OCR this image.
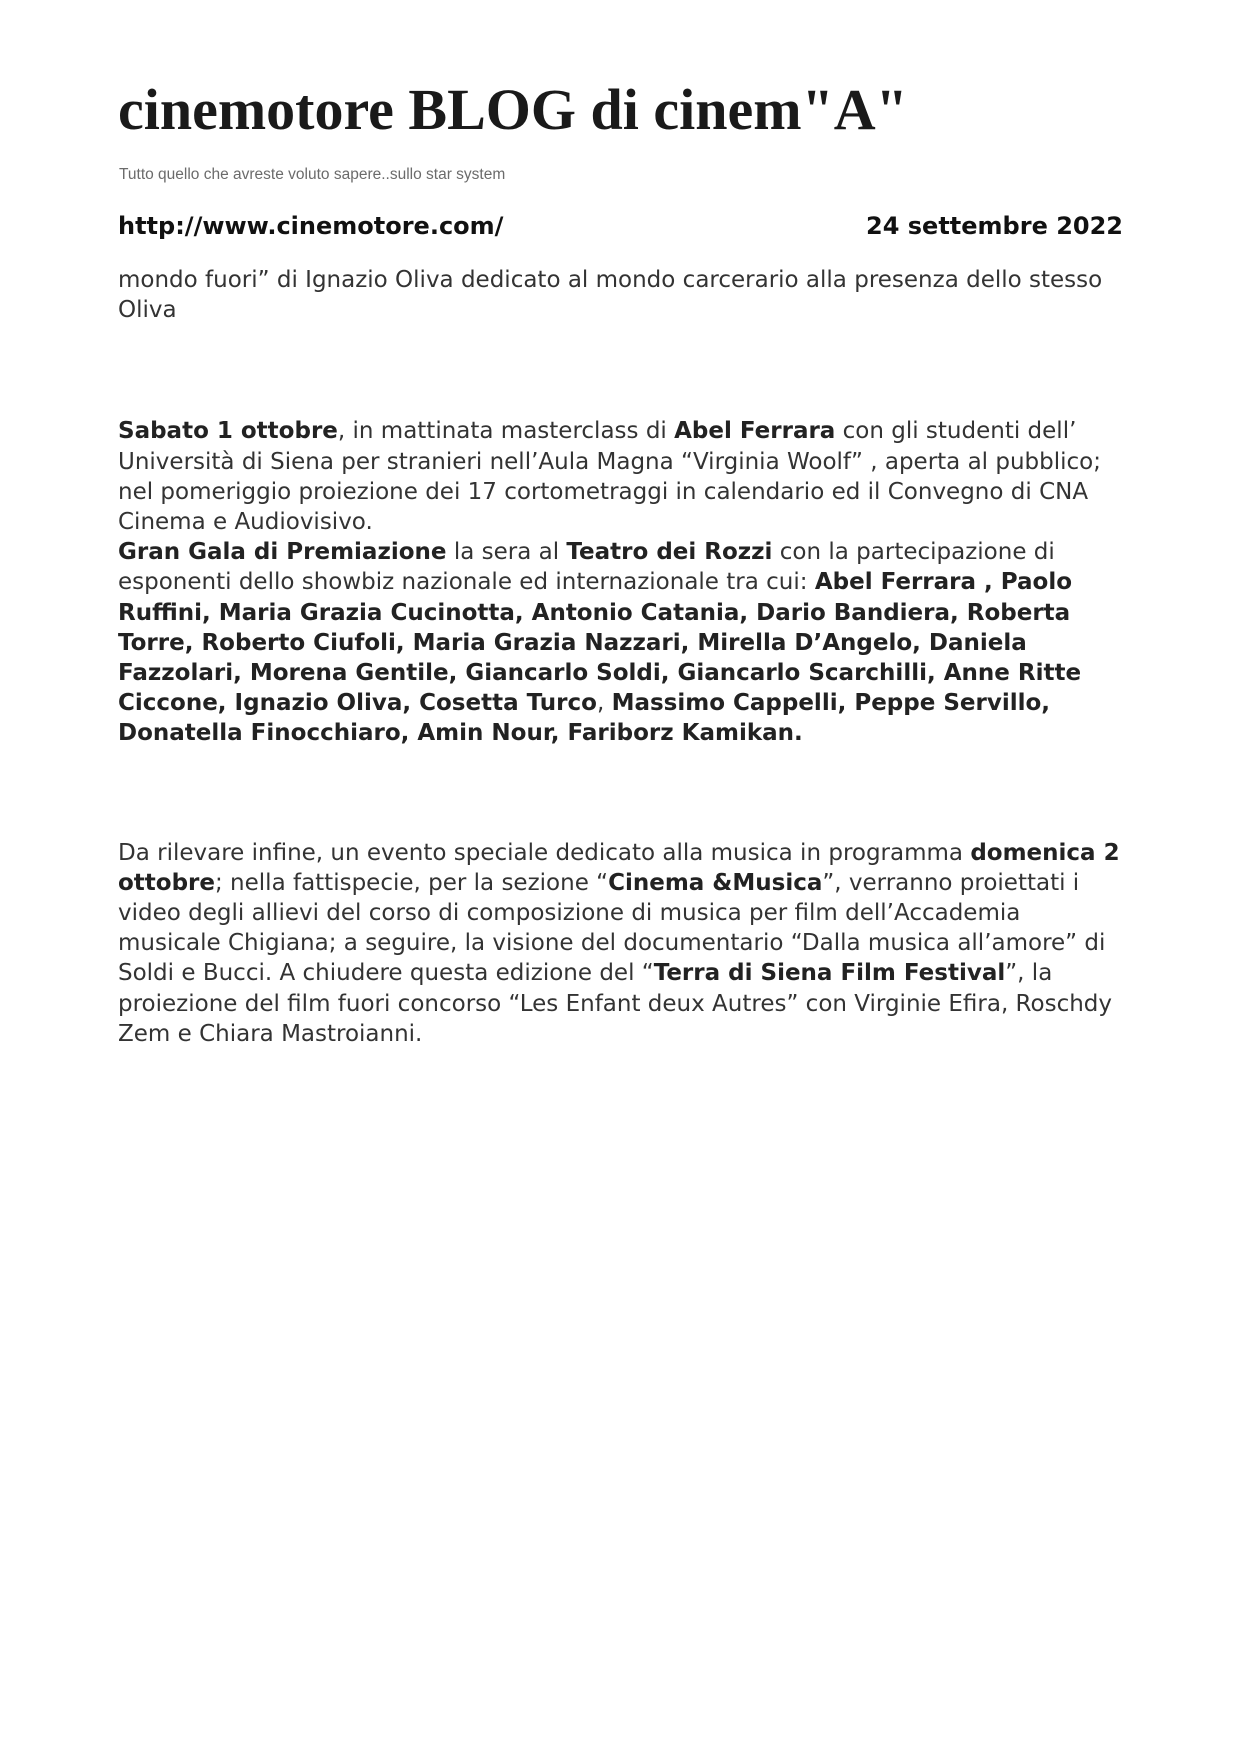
cinemotore BLOG di cinem"A"
Tutto quello che avreste voluto sapere..sullo star system
http://www.cinemotore.com/	24 settembre 2022

mondo fuori” di Ignazio Oliva dedicato al mondo carcerario alla presenza dello stesso Oliva

Sabato 1 ottobre, in mattinata masterclass di Abel Ferrara con gli studenti dell’ Università di Siena per stranieri nell’Aula Magna “Virginia Woolf” , aperta al pubblico; nel pomeriggio proiezione dei 17 cortometraggi in calendario ed il Convegno di CNA Cinema e Audiovisivo.

Gran Gala di Premiazione la sera al Teatro dei Rozzi con la partecipazione di esponenti dello showbiz nazionale ed internazionale tra cui: Abel Ferrara , Paolo Ruffini, Maria Grazia Cucinotta, Antonio Catania, Dario Bandiera, Roberta Torre, Roberto Ciufoli, Maria Grazia Nazzari, Mirella D’Angelo, Daniela Fazzolari, Morena Gentile, Giancarlo Soldi, Giancarlo Scarchilli, Anne Ritte Ciccone, Ignazio Oliva, Cosetta Turco, Massimo Cappelli, Peppe Servillo, Donatella Finocchiaro, Amin Nour, Fariborz Kamikan.

Da rilevare infine, un evento speciale dedicato alla musica in programma domenica 2 ottobre; nella fattispecie, per la sezione “Cinema &Musica”, verranno proiettati i video degli allievi del corso di composizione di musica per film dell’Accademia musicale Chigiana; a seguire, la visione del documentario “Dalla musica all’amore” di Soldi e Bucci. A chiudere questa edizione del “Terra di Siena Film Festival”, la proiezione del film fuori concorso “Les Enfant deux Autres” con Virginie Efira, Roschdy Zem e Chiara Mastroianni.
